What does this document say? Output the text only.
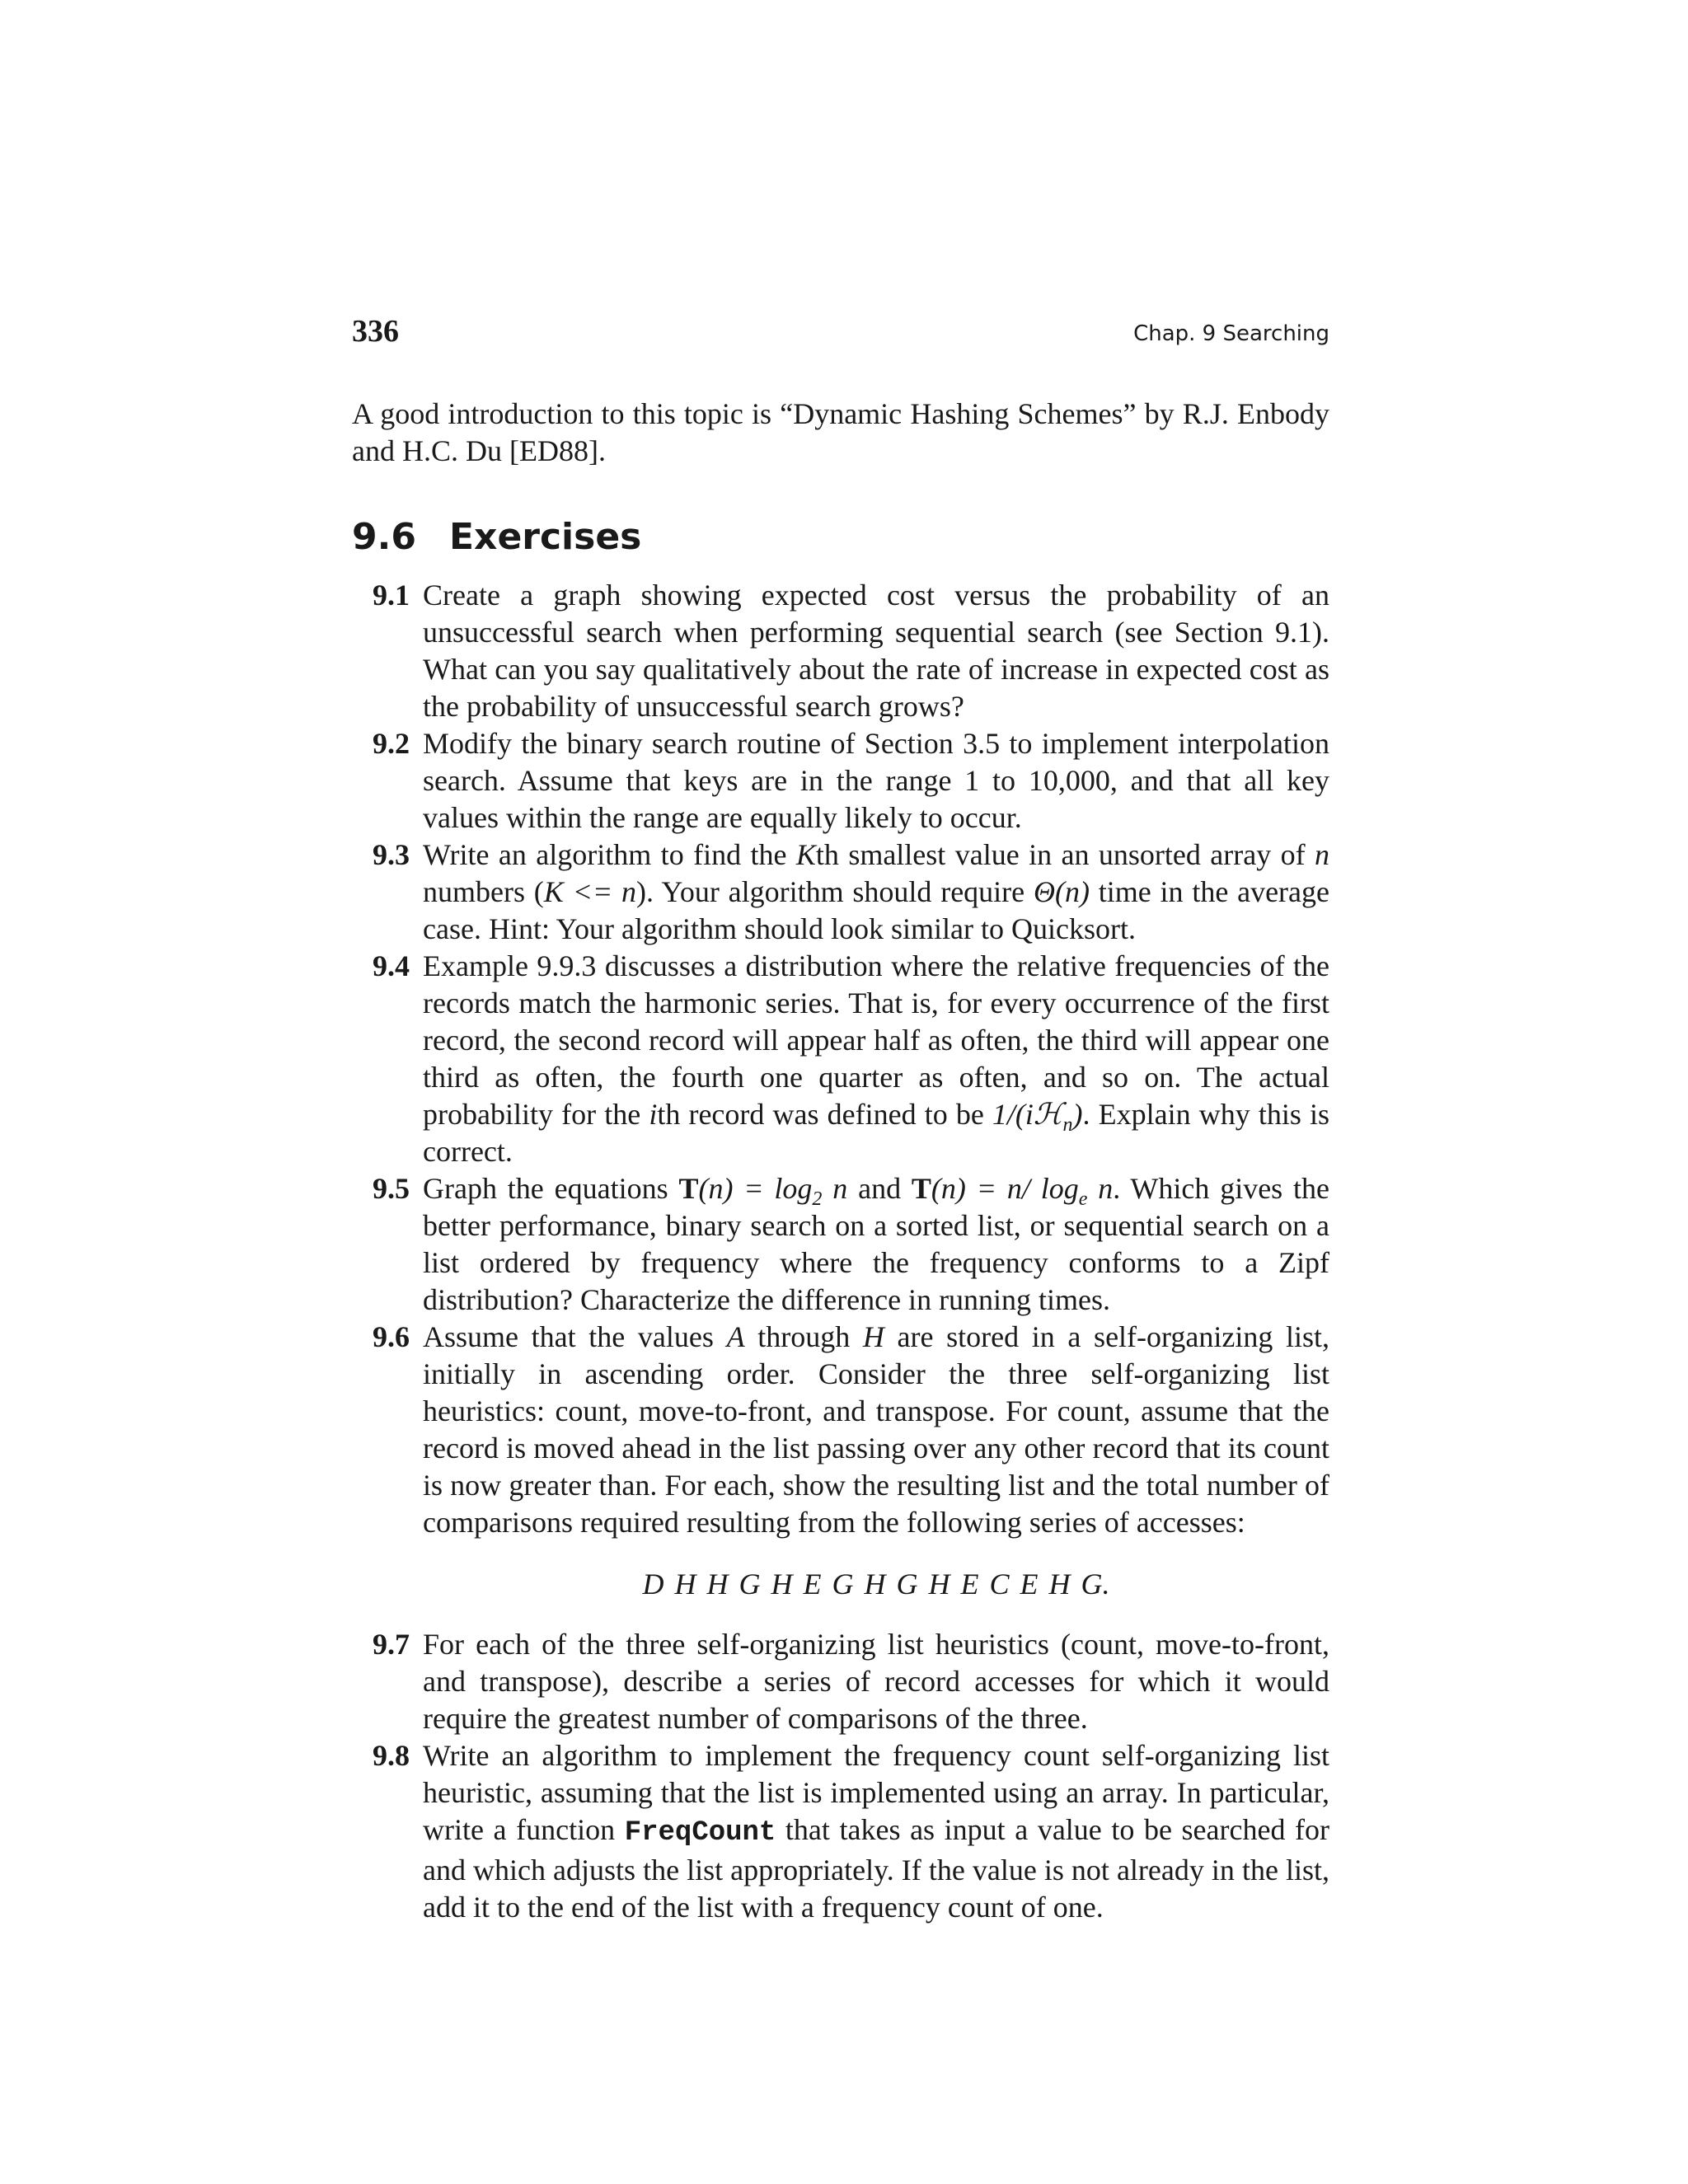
336	Chap. 9 Searching

A good introduction to this topic is “Dynamic Hashing Schemes” by R.J. Enbody and H.C. Du [ED88].

9.6 Exercises
9.1 Create a graph showing expected cost versus the probability of an unsuccessful search when performing sequential search (see Section 9.1). What can you say qualitatively about the rate of increase in expected cost as the probability of unsuccessful search grows?
9.2 Modify the binary search routine of Section 3.5 to implement interpolation search. Assume that keys are in the range 1 to 10,000, and that all key values within the range are equally likely to occur.
9.3 Write an algorithm to find the Kth smallest value in an unsorted array of n numbers (K <= n). Your algorithm should require Θ(n) time in the average case. Hint: Your algorithm should look similar to Quicksort.
9.4 Example 9.9.3 discusses a distribution where the relative frequencies of the records match the harmonic series. That is, for every occurrence of the first record, the second record will appear half as often, the third will appear one third as often, the fourth one quarter as often, and so on. The actual probability for the ith record was defined to be 1/(iℋ$_n$). Explain why this is correct.
9.5 Graph the equations $T(n) = \log_2 n$ and T(n) = n/ $\log_e n$. Which gives the better performance, binary search on a sorted list, or sequential search on a list ordered by frequency where the frequency conforms to a Zipf distribution? Characterize the difference in running times.
9.6 Assume that the values A through H are stored in a self-organizing list, initially in ascending order. Consider the three self-organizing list heuristics: count, move-to-front, and transpose. For count, assume that the record is moved ahead in the list passing over any other record that its count is now greater than. For each, show the resulting list and the total number of comparisons required resulting from the following series of accesses:
D H H G H E G H G H E C E H G.
9.7 For each of the three self-organizing list heuristics (count, move-to-front, and transpose), describe a series of record accesses for which it would require the greatest number of comparisons of the three.
9.8 Write an algorithm to implement the frequency count self-organizing list heuristic, assuming that the list is implemented using an array. In particular, write a function FreqCount that takes as input a value to be searched for and which adjusts the list appropriately. If the value is not already in the list, add it to the end of the list with a frequency count of one.
